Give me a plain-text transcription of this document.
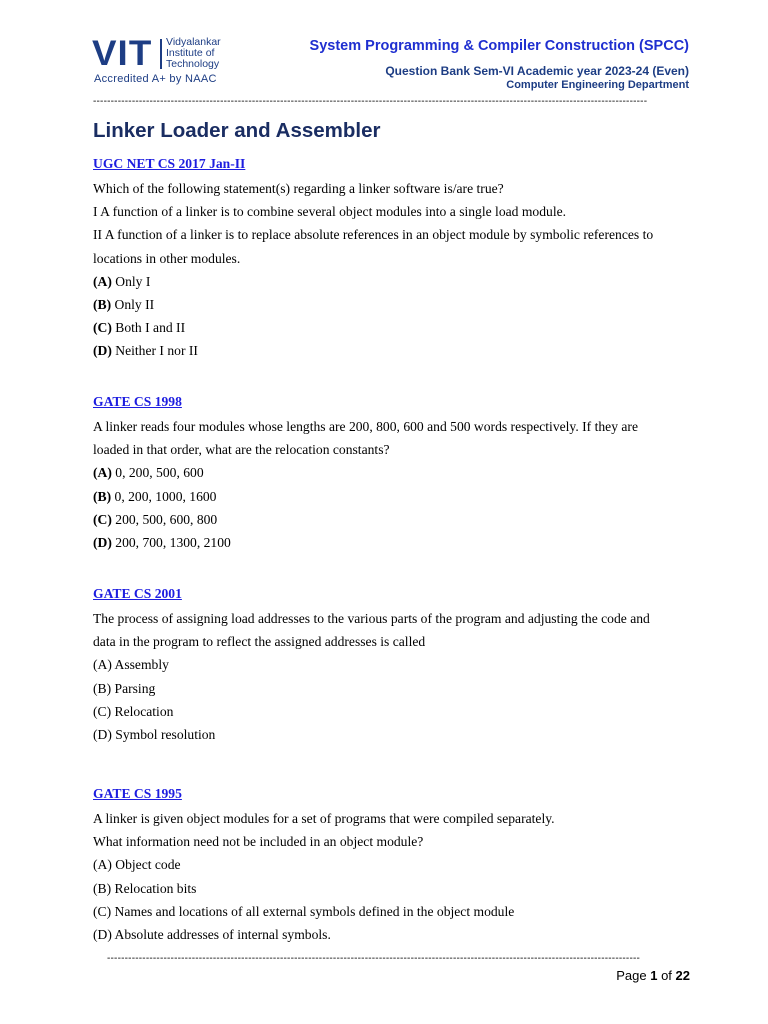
VIT Vidyalankar
Institute of
Technology
Accredited A+ by NAAC
System Programming & Compiler Construction (SPCC)
Question Bank Sem-VI Academic year 2023-24 (Even)
Computer Engineering Department
-------------------------------------------------------------------------------------------------------------------------------------------------------------
Linker Loader and Assembler
UGC NET CS 2017 Jan-II
Which of the following statement(s) regarding a linker software is/are true?
I A function of a linker is to combine several object modules into a single load module.
II A function of a linker is to replace absolute references in an object module by symbolic references to
locations in other modules.
(A) Only I
(B) Only II
(C) Both I and II
(D) Neither I nor II
GATE CS 1998
A linker reads four modules whose lengths are 200, 800, 600 and 500 words respectively. If they are
loaded in that order, what are the relocation constants?
(A) 0, 200, 500, 600
(B) 0, 200, 1000, 1600
(C) 200, 500, 600, 800
(D) 200, 700, 1300, 2100
GATE CS 2001
The process of assigning load addresses to the various parts of the program and adjusting the code and
data in the program to reflect the assigned addresses is called
(A) Assembly
(B) Parsing
(C) Relocation
(D) Symbol resolution
GATE CS 1995
A linker is given object modules for a set of programs that were compiled separately.
What information need not be included in an object module?
(A) Object code
(B) Relocation bits
(C) Names and locations of all external symbols defined in the object module
(D) Absolute addresses of internal symbols.
-------------------------------------------------------------------------------------------------------------------------------------------------------
Page 1 of 22
